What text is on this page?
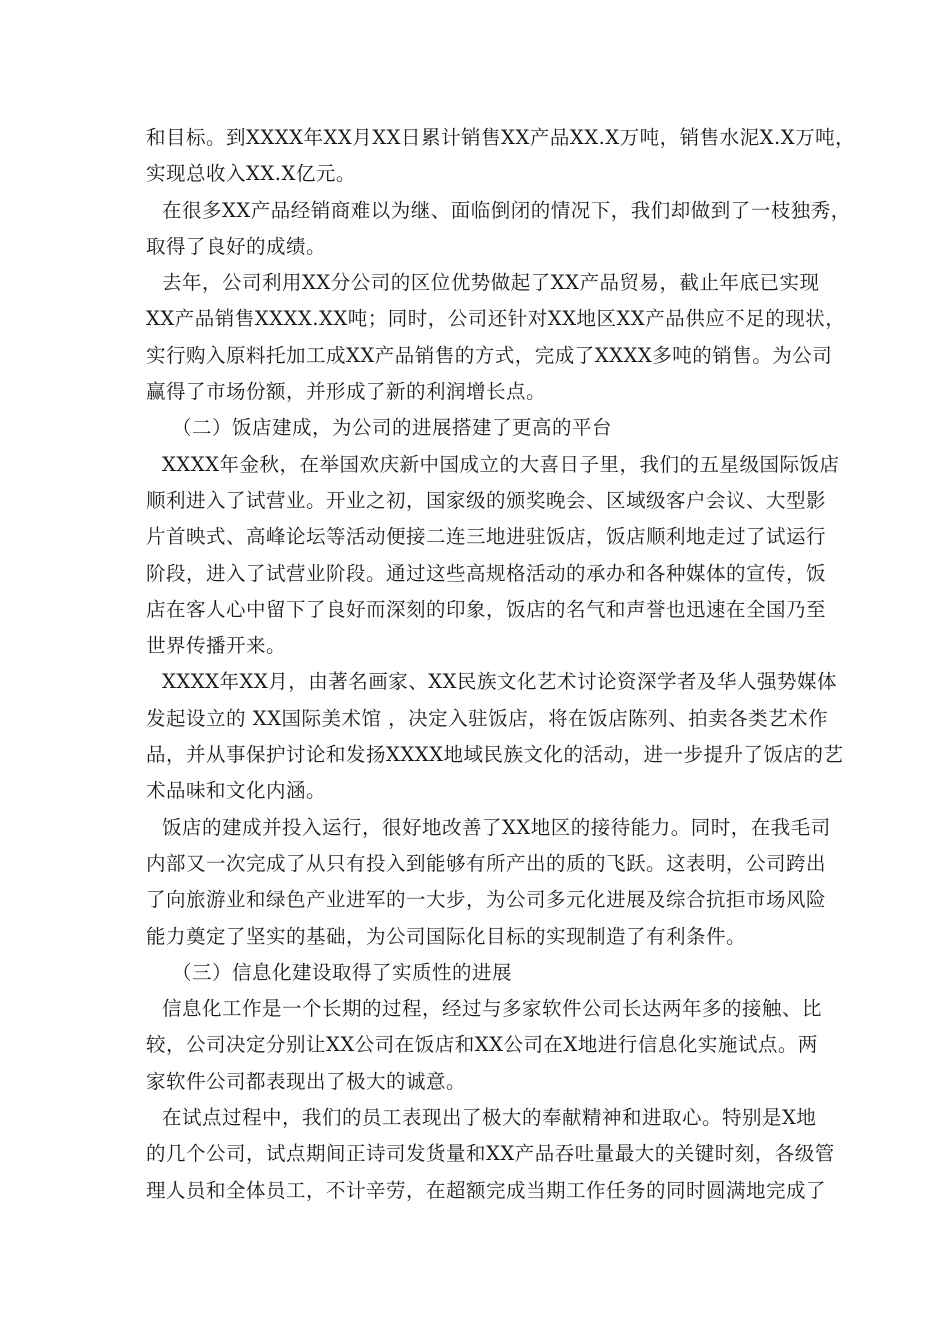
和目标。到XXXX年XX月XX日累计销售XX产品XX.X万吨，销售水泥X.X万吨，
实现总收入XX.X亿元。
在很多XX产品经销商难以为继、面临倒闭的情况下，我们却做到了一枝独秀，
取得了良好的成绩。
去年，公司利用XX分公司的区位优势做起了XX产品贸易，截止年底已实现
XX产品销售XXXX.XX吨；同时，公司还针对XX地区XX产品供应不足的现状，
实行购入原料托加工成XX产品销售的方式，完成了XXXX多吨的销售。为公司
赢得了市场份额，并形成了新的利润增长点。
（二）饭店建成，为公司的进展搭建了更高的平台
XXXX年金秋，在举国欢庆新中国成立的大喜日子里，我们的五星级国际饭店
顺利进入了试营业。开业之初，国家级的颁奖晚会、区域级客户会议、大型影
片首映式、高峰论坛等活动便接二连三地进驻饭店，饭店顺利地走过了试运行
阶段，进入了试营业阶段。通过这些高规格活动的承办和各种媒体的宣传，饭
店在客人心中留下了良好而深刻的印象，饭店的名气和声誉也迅速在全国乃至
世界传播开来。
XXXX年XX月，由著名画家、XX民族文化艺术讨论资深学者及华人强势媒体
发起设立的 XX国际美术馆 ，决定入驻饭店，将在饭店陈列、拍卖各类艺术作
品，并从事保护讨论和发扬XXXX地域民族文化的活动，进一步提升了饭店的艺
术品味和文化内涵。
饭店的建成并投入运行，很好地改善了XX地区的接待能力。同时，在我毛司
内部又一次完成了从只有投入到能够有所产出的质的飞跃。这表明，公司跨出
了向旅游业和绿色产业进军的一大步，为公司多元化进展及综合抗拒市场风险
能力奠定了坚实的基础，为公司国际化目标的实现制造了有利条件。
（三）信息化建设取得了实质性的进展
信息化工作是一个长期的过程，经过与多家软件公司长达两年多的接触、比
较，公司决定分别让XX公司在饭店和XX公司在X地进行信息化实施试点。两
家软件公司都表现出了极大的诚意。
在试点过程中，我们的员工表现出了极大的奉献精神和进取心。特别是X地
的几个公司，试点期间正诗司发货量和XX产品吞吐量最大的关键时刻，各级管
理人员和全体员工，不计辛劳，在超额完成当期工作任务的同时圆满地完成了
